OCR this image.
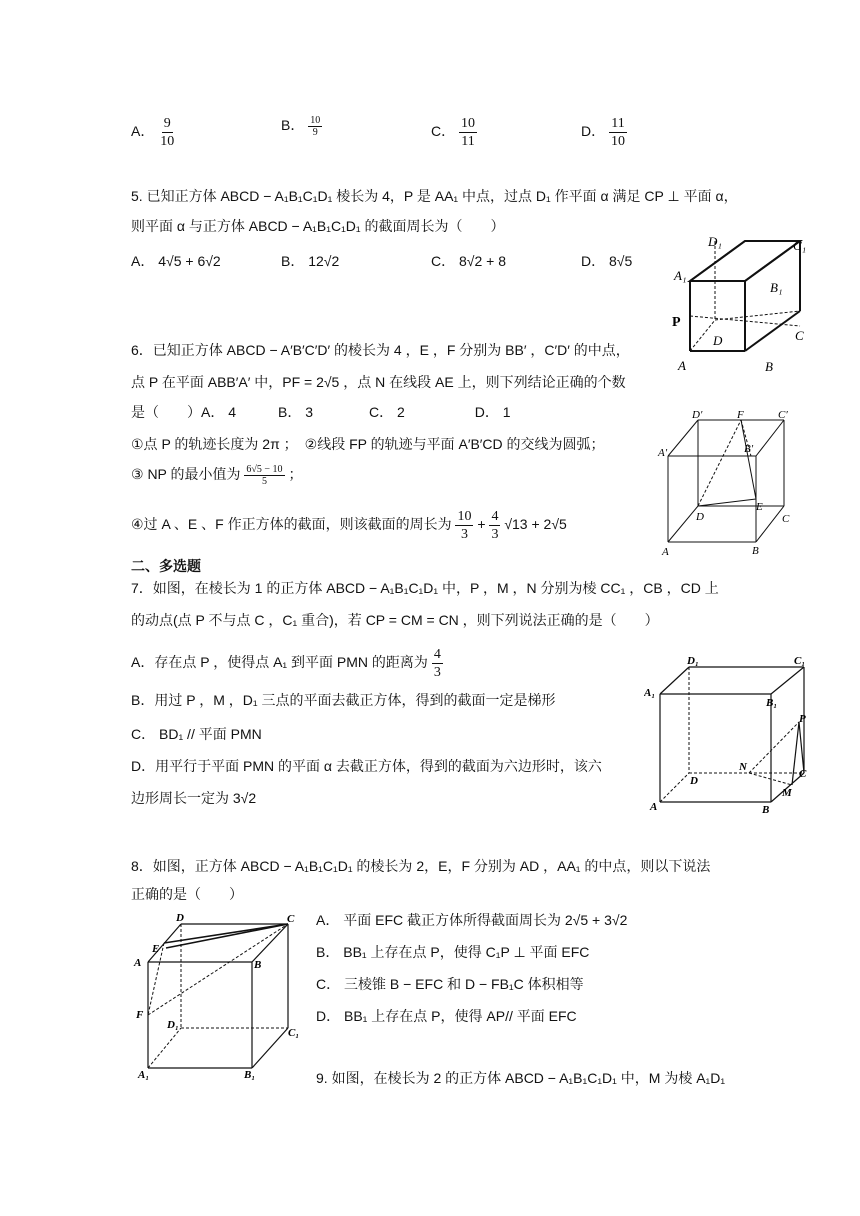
A． $\frac{9}{10}$	B． $\frac{10}{9}$	C． $\frac{10}{11}$	D． $\frac{11}{10}$
5. 已知正方体 ABCD − A₁B₁C₁D₁ 棱长为 4，P 是 AA₁ 中点，过点 D₁ 作平面 α 满足 CP ⊥ 平面 α，
则平面 α 与正方体 ABCD − A₁B₁C₁D₁ 的截面周长为（　　）
A． 4√5 + 6√2	B． 12√2	C． 8√2 + 8	D． 8√5
D₁	C₁
A₁
B₁
P
D	C
A	B
6．已知正方体 ABCD − A′B′C′D′ 的棱长为 4 ，E ，F 分别为 BB′ ，C′D′ 的中点，
点 P 在平面 ABB′A′ 中，PF = 2√5 ，点 N 在线段 AE 上，则下列结论正确的个数
是（　　）A． 4　　　B． 3　　　　C． 2　　　　　D． 1
①点 P 的轨迹长度为 2π ；　②线段 FP 的轨迹与平面 A′B′CD 的交线为圆弧；
③ NP 的最小值为 $\frac{6√5 - 10}{5}$ ；
④过 A 、E 、F 作正方体的截面，则该截面的周长为 $\frac{10}{3} + \frac{4}{3} √13 + 2√5$
D′	F	C′
A′	B′
E
D	C
A	B
二、多选题
7．如图，在棱长为 1 的正方体 ABCD − A₁B₁C₁D₁ 中，P ，M ，N 分别为棱 CC₁ ，CB ，CD 上
的动点(点 P 不与点 C ，C₁ 重合)，若 CP = CM = CN ，则下列说法正确的是（　　）
A．存在点 P ，使得点 A₁ 到平面 PMN 的距离为 $\frac{4}{3}$
B．用过 P ，M ，D₁ 三点的平面去截正方体，得到的截面一定是梯形
C． BD₁ // 平面 PMN
D．用平行于平面 PMN 的平面 α 去截正方体，得到的截面为六边形时，该六
边形周长一定为 3√2
D₁	C₁
A₁
B₁
P
N
C
D
M
A	B
8．如图，正方体 ABCD − A₁B₁C₁D₁ 的棱长为 2，E，F 分别为 AD ，AA₁ 的中点，则以下说法
正确的是（　　）
A． 平面 EFC 截正方体所得截面周长为 2√5 + 3√2
B． BB₁ 上存在点 P，使得 C₁P ⊥ 平面 EFC
C． 三棱锥 B − EFC 和 D − FB₁C 体积相等
D． BB₁ 上存在点 P，使得 AP// 平面 EFC
D	C
E
A	B
F
D₁
C₁
A₁	B₁	9. 如图，在棱长为 2 的正方体 ABCD − A₁B₁C₁D₁ 中，M 为棱 A₁D₁
